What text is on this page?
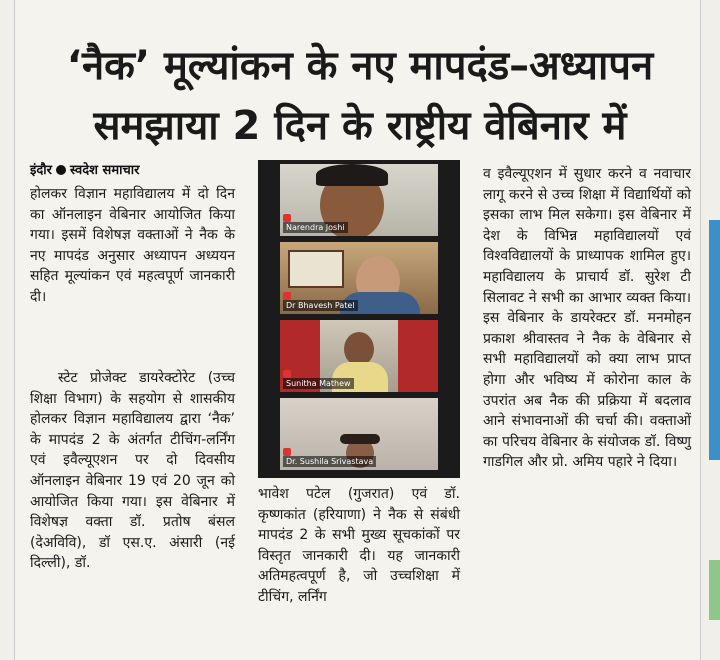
‘नैक’ मूल्यांकन के नए मापदंड–अध्यापन
समझाया 2 दिन के राष्ट्रीय वेबिनार में
इंदौर स्वदेश समाचार
होलकर विज्ञान महाविद्यालय में दो दिन का ऑनलाइन वेबिनार आयोजित किया गया। इसमें विशेषज्ञ वक्ताओं ने नैक के नए मापदंड अनुसार अध्यापन अध्ययन सहित मूल्यांकन एवं महत्वपूर्ण जानकारी दी।
स्टेट प्रोजेक्ट डायरेक्टोरेट (उच्च शिक्षा विभाग) के सहयोग से शासकीय होलकर विज्ञान महाविद्यालय द्वारा ‘नैक’ के मापदंड 2 के अंतर्गत टीचिंग-लर्निंग एवं इवैल्यूएशन पर दो दिवसीय ऑनलाइन वेबिनार 19 एवं 20 जून को आयोजित किया गया। इस वेबिनार में विशेषज्ञ वक्ता डॉ. प्रतोष बंसल (देअविवि), डॉ एस.ए. अंसारी (नई दिल्ली), डॉ.
Narendra Joshi
Dr Bhavesh Patel
Sunitha Mathew
Dr. Sushila Srivastava
भावेश पटेल (गुजरात) एवं डॉ. कृष्णकांत (हरियाणा) ने नैक से संबंधी मापदंड 2 के सभी मुख्य सूचकांकों पर विस्तृत जानकारी दी। यह जानकारी अतिमहत्वपूर्ण है, जो उच्चशिक्षा में टीचिंग, लर्निंग
व इवैल्यूएशन में सुधार करने व नवाचार लागू करने से उच्च शिक्षा में विद्यार्थियों को इसका लाभ मिल सकेगा। इस वेबिनार में देश के विभिन्न महाविद्यालयों एवं विश्वविद्यालयों के प्राध्यापक शामिल हुए। महाविद्यालय के प्राचार्य डॉ. सुरेश टी सिलावट ने सभी का आभार व्यक्त किया। इस वेबिनार के डायरेक्टर डॉ. मनमोहन प्रकाश श्रीवास्तव ने नैक के वेबिनार से सभी महाविद्यालयों को क्या लाभ प्राप्त होगा और भविष्य में कोरोना काल के उपरांत अब नैक की प्रक्रिया में बदलाव आने संभावनाओं की चर्चा की। वक्ताओं का परिचय वेबिनार के संयोजक डॉ. विष्णु गाडगिल और प्रो. अमिय पहारे ने दिया।
